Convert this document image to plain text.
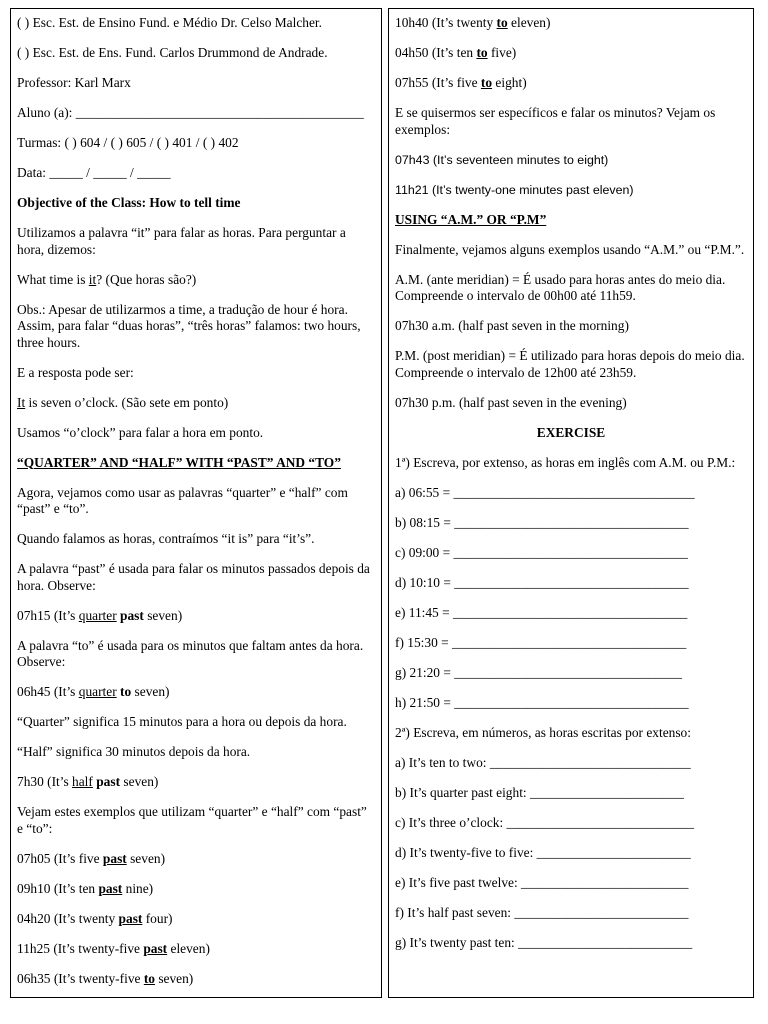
( ) Esc. Est. de Ensino Fund. e Médio Dr. Celso Malcher.

( ) Esc. Est. de Ens. Fund. Carlos Drummond de Andrade.

Professor: Karl Marx

Aluno (a): ___________________________________________

Turmas: ( ) 604 / ( ) 605 / ( ) 401 / ( ) 402

Data: _____ / _____ / _____

Objective of the Class: How to tell time

Utilizamos a palavra “it” para falar as horas. Para perguntar a hora, dizemos:

What time is it? (Que horas são?)

Obs.: Apesar de utilizarmos a time, a tradução de hour é hora. Assim, para falar “duas horas”, “três horas” falamos: two hours, three hours.

E a resposta pode ser:

It is seven o’clock. (São sete em ponto)

Usamos “o’clock” para falar a hora em ponto.

“QUARTER” AND “HALF” WITH “PAST” AND “TO”

Agora, vejamos como usar as palavras “quarter” e “half” com “past” e “to”.

Quando falamos as horas, contraímos “it is” para “it’s”.

A palavra “past” é usada para falar os minutos passados depois da hora. Observe:

07h15 (It’s quarter past seven)

A palavra “to” é usada para os minutos que faltam antes da hora. Observe:

06h45 (It’s quarter to seven)

“Quarter” significa 15 minutos para a hora ou depois da hora.

“Half” significa 30 minutos depois da hora.

7h30 (It’s half past seven)

Vejam estes exemplos que utilizam “quarter” e “half” com “past” e “to”:

07h05 (It’s five past seven)

09h10 (It’s ten past nine)

04h20 (It’s twenty past four)

11h25 (It’s twenty-five past eleven)

06h35 (It’s twenty-five to seven)

10h40 (It’s twenty to eleven)

04h50 (It’s ten to five)

07h55 (It’s five to eight)

E se quisermos ser específicos e falar os minutos? Vejam os exemplos:

07h43 (It’s seventeen minutes to eight)

11h21 (It’s twenty-one minutes past eleven)

USING “A.M.” OR “P.M”

Finalmente, vejamos alguns exemplos usando “A.M.” ou “P.M.”.

A.M. (ante meridian) = É usado para horas antes do meio dia. Compreende o intervalo de 00h00 até 11h59.

07h30 a.m. (half past seven in the morning)

P.M. (post meridian) = É utilizado para horas depois do meio dia. Compreende o intervalo de 12h00 até 23h59.

07h30 p.m. (half past seven in the evening)

EXERCISE

1ª) Escreva, por extenso, as horas em inglês com A.M. ou P.M.:

a) 06:55 = ____________________________________

b) 08:15 = ___________________________________

c) 09:00 = ___________________________________

d) 10:10 = ___________________________________

e) 11:45 = ___________________________________

f) 15:30 = ___________________________________

g) 21:20 = __________________________________

h) 21:50 = ___________________________________

2ª) Escreva, em números, as horas escritas por extenso:

a) It’s ten to two: ______________________________

b) It’s quarter past eight: _______________________

c) It’s three o’clock: ____________________________

d) It’s twenty-five to five: _______________________

e) It’s five past twelve: _________________________

f) It’s half past seven: __________________________

g) It’s twenty past ten: __________________________
